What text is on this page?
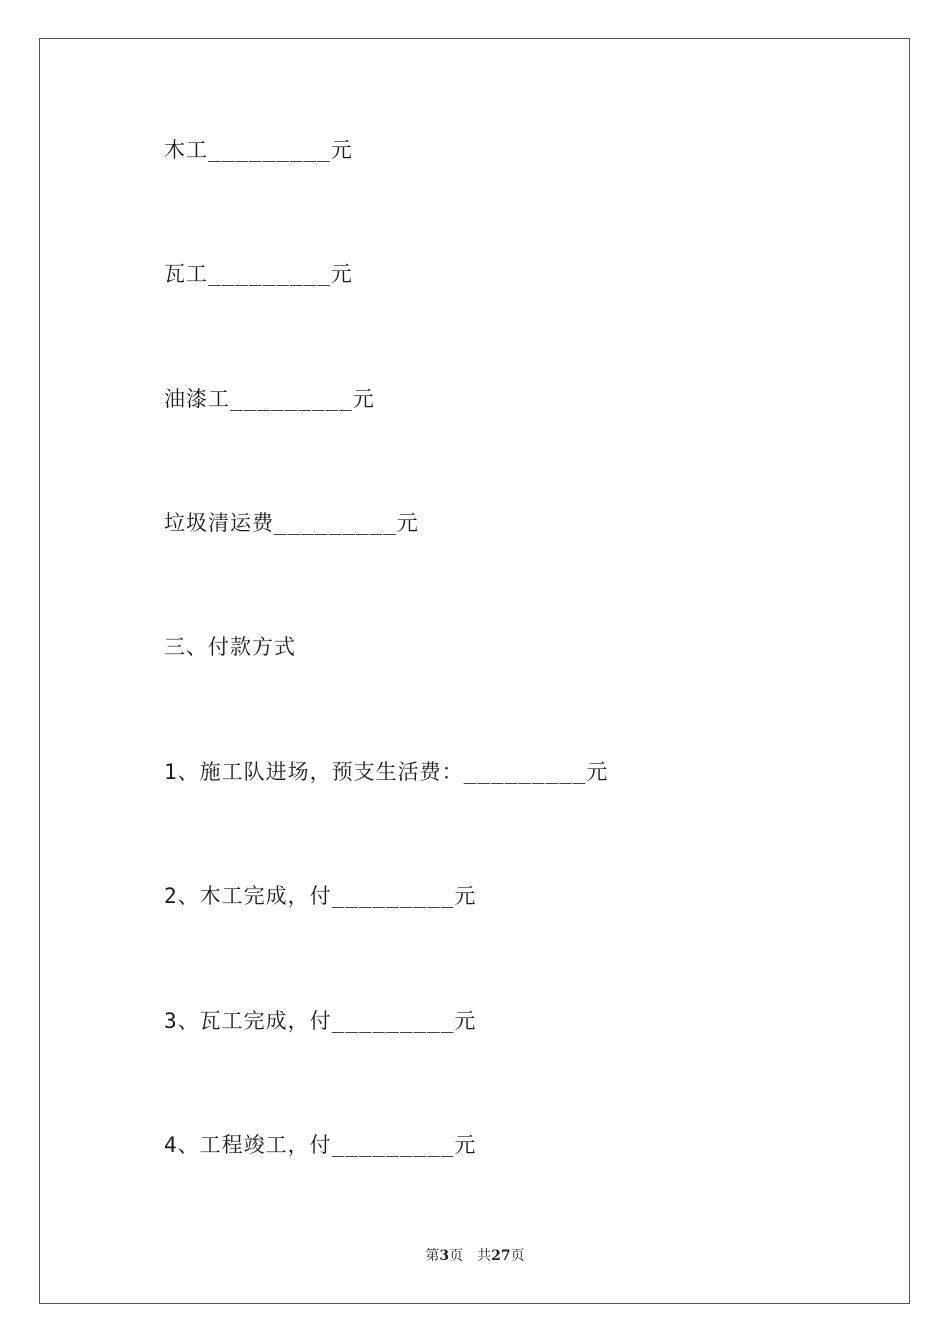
木工_________元
瓦工_________元
油漆工_________元
垃圾清运费_________元
三、付款方式
1、施工队进场，预支生活费：_________元
2、木工完成，付_________元
3、瓦工完成，付_________元
4、工程竣工，付_________元
第3页 共27页
